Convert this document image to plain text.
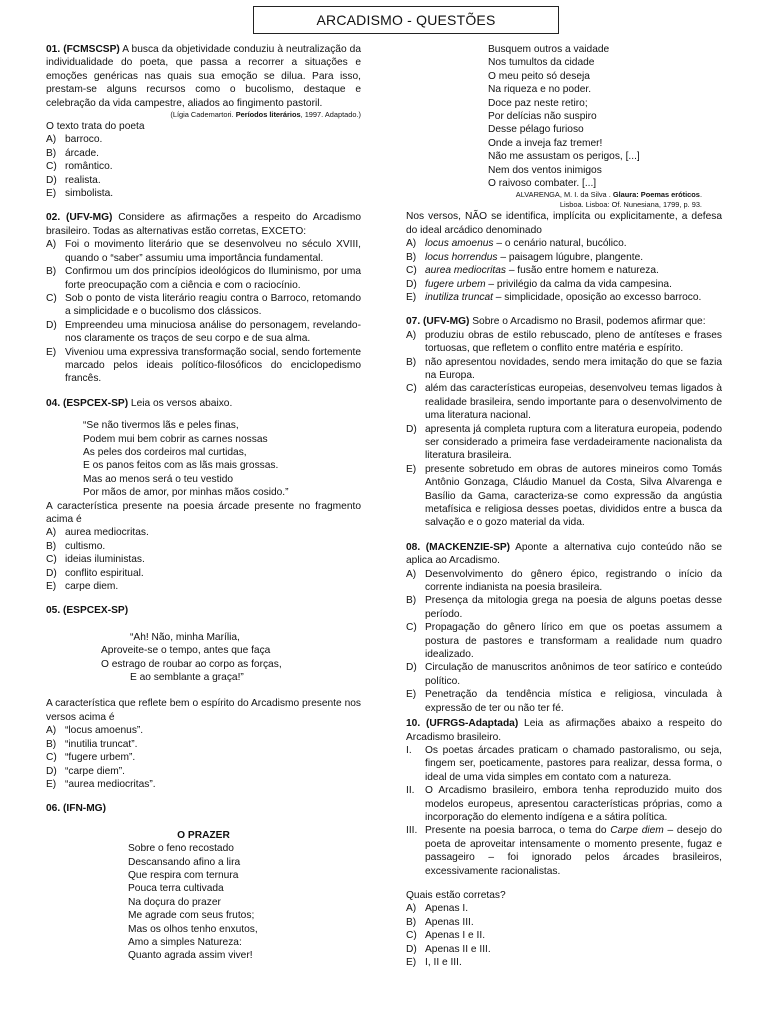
ARCADISMO - QUESTÕES

01. (FCMSCSP) A busca da objetividade conduziu à neutralização da individualidade do poeta, que passa a recorrer a situações e emoções genéricas nas quais sua emoção se dilua. Para isso, prestam-se alguns recursos como o bucolismo, destaque e celebração da vida campestre, aliados ao fingimento pastoril.

(Lígia Cademartori. Períodos literários, 1997. Adaptado.)

O texto trata do poeta

A) barroco.
B) árcade.
C) romântico.
D) realista.
E) simbolista.

02. (UFV-MG) Considere as afirmações a respeito do Arcadismo brasileiro. Todas as alternativas estão corretas, EXCETO:

A) Foi o movimento literário que se desenvolveu no século XVIII, quando o “saber” assumiu uma importância fundamental.
B) Confirmou um dos princípios ideológicos do Iluminismo, por uma forte preocupação com a ciência e com o raciocínio.
C) Sob o ponto de vista literário reagiu contra o Barroco, retomando a simplicidade e o bucolismo dos clássicos.
D) Empreendeu uma minuciosa análise do personagem, revelando-nos claramente os traços de seu corpo e de sua alma.
E) Viveniou uma expressiva transformação social, sendo fortemente marcado pelos ideais político-filosóficos do enciclopedismo francês.

04. (ESPCEX-SP) Leia os versos abaixo.

“Se não tivermos lãs e peles finas,

Podem mui bem cobrir as carnes nossas

As peles dos cordeiros mal curtidas,

E os panos feitos com as lãs mais grossas.

Mas ao menos será o teu vestido

Por mãos de amor, por minhas mãos cosido.”

A característica presente na poesia árcade presente no fragmento acima é

A) aurea mediocritas.
B) cultismo.
C) ideias iluministas.
D) conflito espiritual.
E) carpe diem.

05. (ESPCEX-SP)

“Ah! Não, minha Marília,

Aproveite-se o tempo, antes que faça

O estrago de roubar ao corpo as forças,

E ao semblante a graça!”

A característica que reflete bem o espírito do Arcadismo presente nos versos acima é

A) “locus amoenus”.
B) “inutilia truncat”.
C) “fugere urbem”.
D) “carpe diem”.
E) “aurea mediocritas”.

06. (IFN-MG)

O PRAZER

Sobre o feno recostado

Descansando afino a lira

Que respira com ternura

Pouca terra cultivada

Na doçura do prazer

Me agrade com seus frutos;

Mas os olhos tenho enxutos,

Amo a simples Natureza:

Quanto agrada assim viver!

Busquem outros a vaidade

Nos tumultos da cidade

O meu peito só deseja

Na riqueza e no poder.

Doce paz neste retiro;

Por delícias não suspiro

Desse pélago furioso

Onde a inveja faz tremer!

Não me assustam os perigos, [...]

Nem dos ventos inimigos

O raivoso combater. [...]

ALVARENGA, M. I. da Silva . Glaura: Poemas eróticos.

Lisboa. Lisboa: Of. Nunesiana, 1799, p. 93.

Nos versos, NÃO se identifica, implícita ou explicitamente, a defesa do ideal arcádico denominado

A) locus amoenus – o cenário natural, bucólico.
B) locus horrendus – paisagem lúgubre, plangente.
C) aurea mediocritas – fusão entre homem e natureza.
D) fugere urbem – privilégio da calma da vida campesina.
E) inutiliza truncat – simplicidade, oposição ao excesso barroco.

07. (UFV-MG) Sobre o Arcadismo no Brasil, podemos afirmar que:

A) produziu obras de estilo rebuscado, pleno de antíteses e frases tortuosas, que refletem o conflito entre matéria e espírito.
B) não apresentou novidades, sendo mera imitação do que se fazia na Europa.
C) além das características europeias, desenvolveu temas ligados à realidade brasileira, sendo importante para o desenvolvimento de uma literatura nacional.
D) apresenta já completa ruptura com a literatura europeia, podendo ser considerado a primeira fase verdadeiramente nacionalista da literatura brasileira.
E) presente sobretudo em obras de autores mineiros como Tomás Antônio Gonzaga, Cláudio Manuel da Costa, Silva Alvarenga e Basílio da Gama, caracteriza-se como expressão da angústia metafísica e religiosa desses poetas, divididos entre a busca da salvação e o gozo material da vida.

08. (MACKENZIE-SP) Aponte a alternativa cujo conteúdo não se aplica ao Arcadismo.

A) Desenvolvimento do gênero épico, registrando o início da corrente indianista na poesia brasileira.
B) Presença da mitologia grega na poesia de alguns poetas desse período.
C) Propagação do gênero lírico em que os poetas assumem a postura de pastores e transformam a realidade num quadro idealizado.
D) Circulação de manuscritos anônimos de teor satírico e conteúdo político.
E) Penetração da tendência mística e religiosa, vinculada à expressão de ter ou não ter fé.

10. (UFRGS-Adaptada) Leia as afirmações abaixo a respeito do Arcadismo brasileiro.

I. Os poetas árcades praticam o chamado pastoralismo, ou seja, fingem ser, poeticamente, pastores para realizar, dessa forma, o ideal de uma vida simples em contato com a natureza.
II. O Arcadismo brasileiro, embora tenha reproduzido muito dos modelos europeus, apresentou características próprias, como a incorporação do elemento indígena e a sátira política.
III. Presente na poesia barroca, o tema do Carpe diem – desejo do poeta de aproveitar intensamente o momento presente, fugaz e passageiro – foi ignorado pelos árcades brasileiros, excessivamente racionalistas.

Quais estão corretas?

A) Apenas I.
B) Apenas III.
C) Apenas I e II.
D) Apenas II e III.
E) I, II e III.
